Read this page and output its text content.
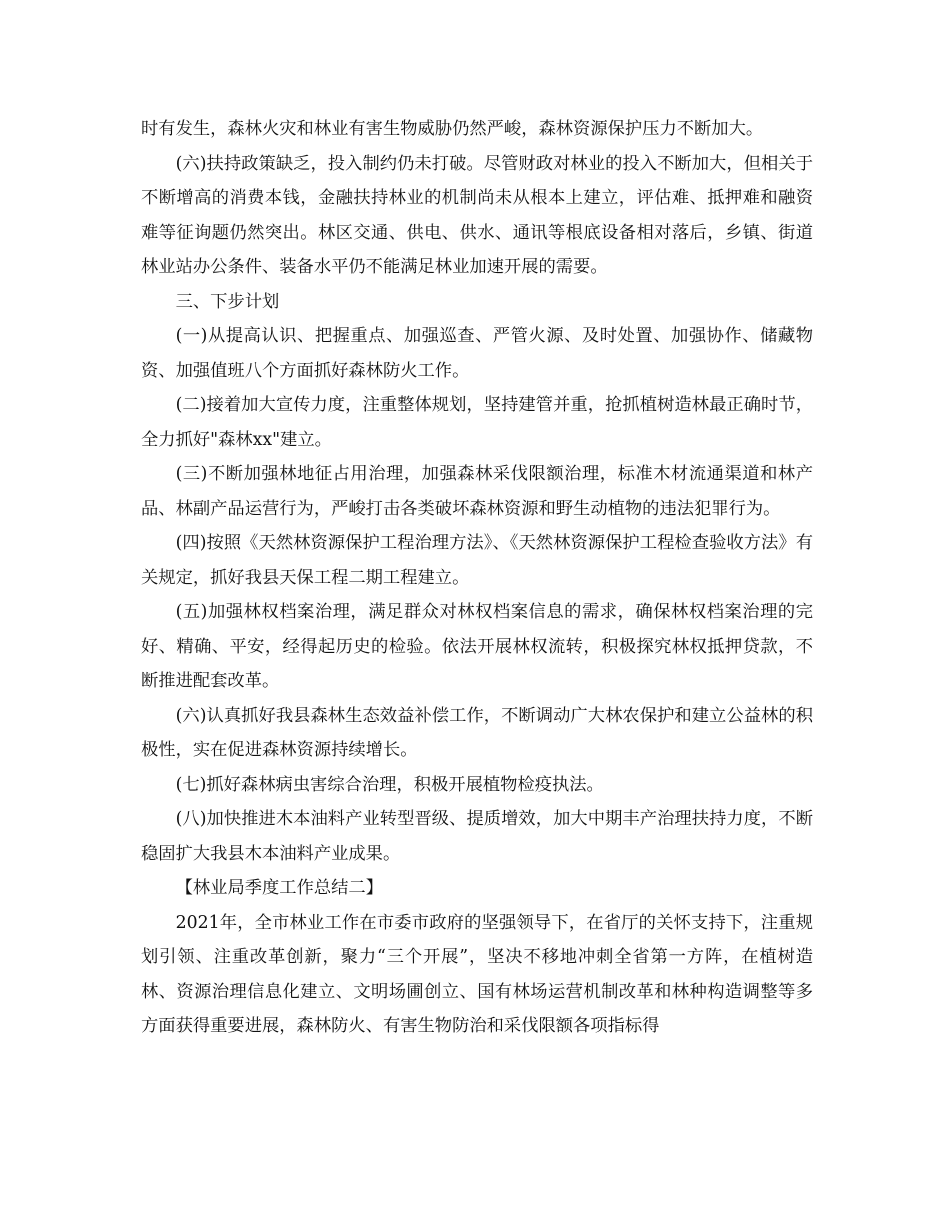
时有发生，森林火灾和林业有害生物威胁仍然严峻，森林资源保护压力不断加大。

(六)扶持政策缺乏，投入制约仍未打破。尽管财政对林业的投入不断加大，但相关于不断增高的消费本钱，金融扶持林业的机制尚未从根本上建立，评估难、抵押难和融资难等征询题仍然突出。林区交通、供电、供水、通讯等根底设备相对落后，乡镇、街道林业站办公条件、装备水平仍不能满足林业加速开展的需要。

三、下步计划

(一)从提高认识、把握重点、加强巡查、严管火源、及时处置、加强协作、储藏物资、加强值班八个方面抓好森林防火工作。

(二)接着加大宣传力度，注重整体规划，坚持建管并重，抢抓植树造林最正确时节，全力抓好"森林xx"建立。

(三)不断加强林地征占用治理，加强森林采伐限额治理，标准木材流通渠道和林产品、林副产品运营行为，严峻打击各类破坏森林资源和野生动植物的违法犯罪行为。

(四)按照《天然林资源保护工程治理方法》、《天然林资源保护工程检查验收方法》有关规定，抓好我县天保工程二期工程建立。

(五)加强林权档案治理，满足群众对林权档案信息的需求，确保林权档案治理的完好、精确、平安，经得起历史的检验。依法开展林权流转，积极探究林权抵押贷款，不断推进配套改革。

(六)认真抓好我县森林生态效益补偿工作，不断调动广大林农保护和建立公益林的积极性，实在促进森林资源持续增长。

(七)抓好森林病虫害综合治理，积极开展植物检疫执法。

(八)加快推进木本油料产业转型晋级、提质增效，加大中期丰产治理扶持力度，不断稳固扩大我县木本油料产业成果。

【林业局季度工作总结二】

2021年，全市林业工作在市委市政府的坚强领导下，在省厅的关怀支持下，注重规划引领、注重改革创新，聚力“三个开展”，坚决不移地冲刺全省第一方阵，在植树造林、资源治理信息化建立、文明场圃创立、国有林场运营机制改革和林种构造调整等多方面获得重要进展，森林防火、有害生物防治和采伐限额各项指标得
